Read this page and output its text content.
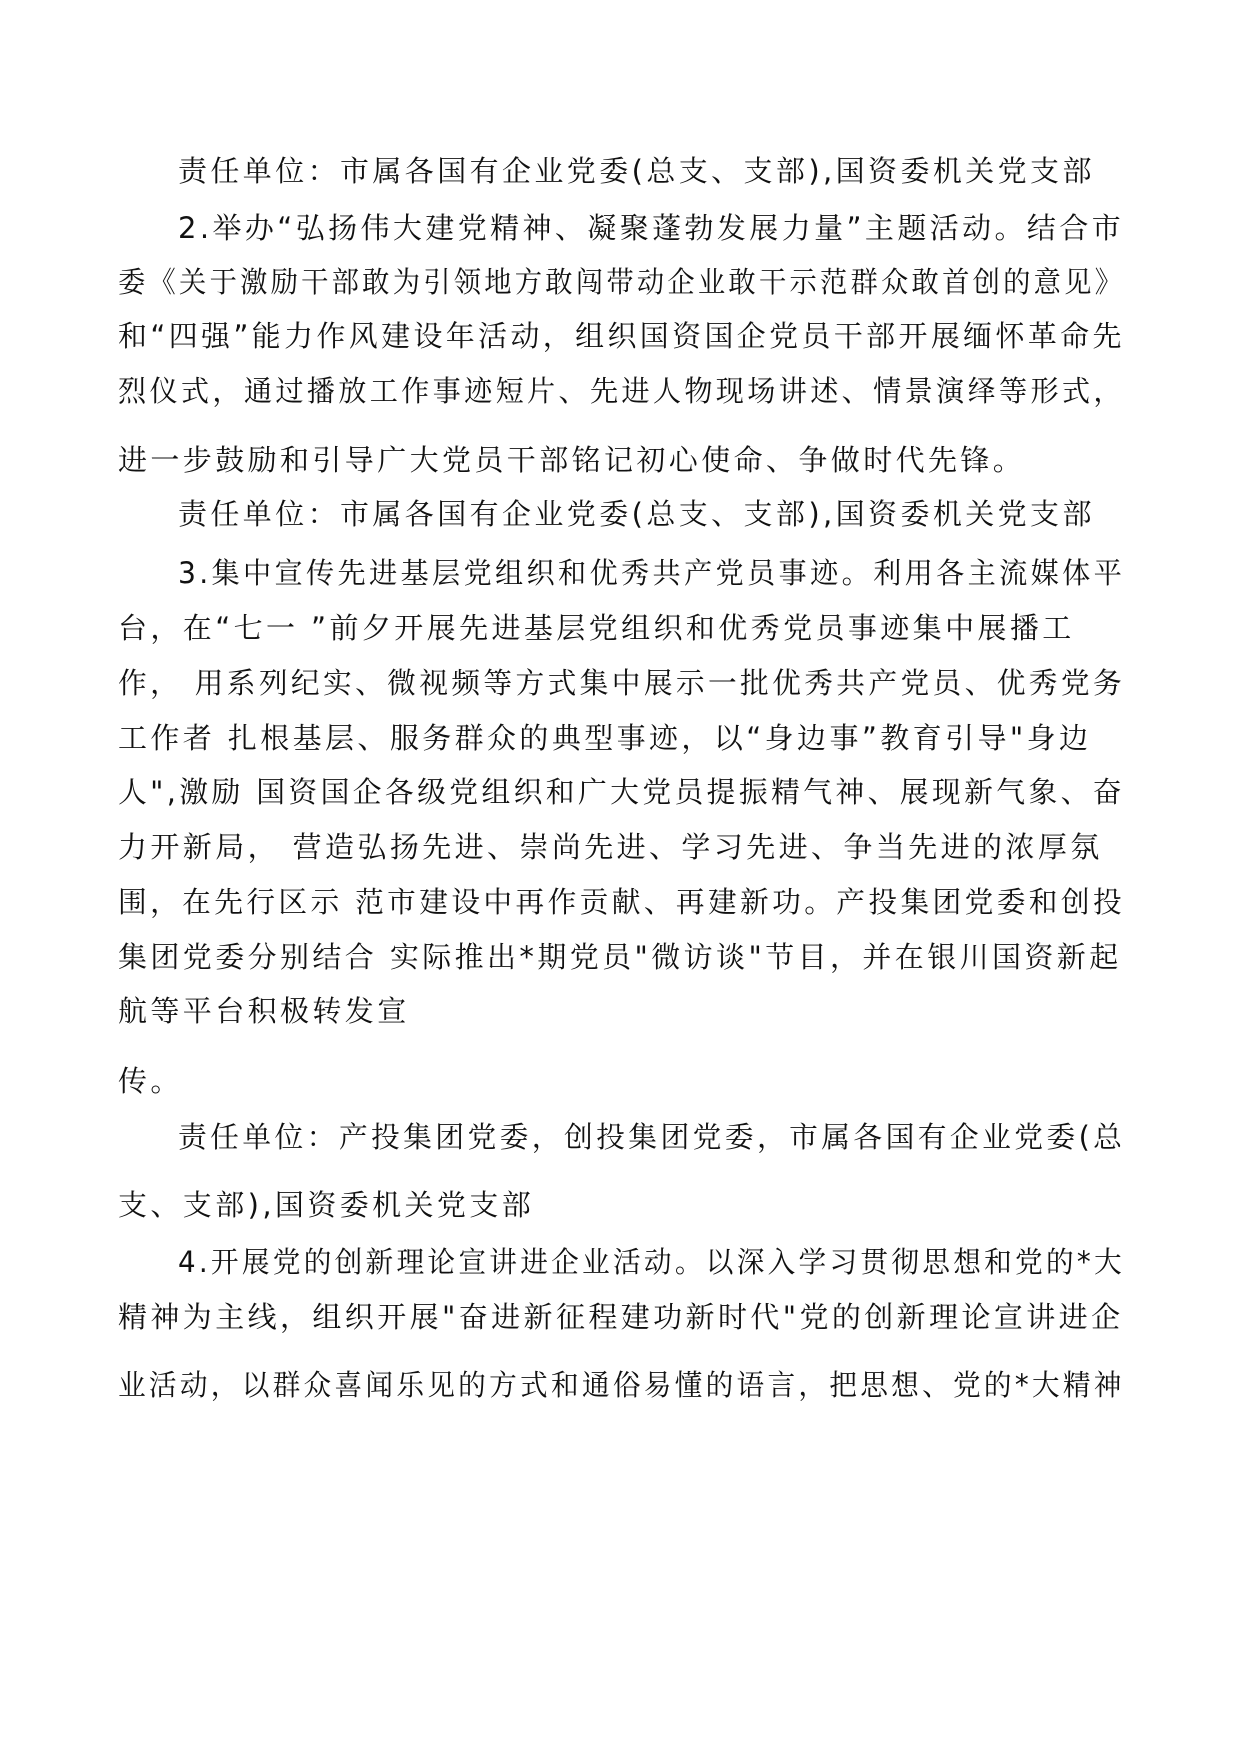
责任单位：市属各国有企业党委(总支、支部),国资委机关党支部
2.举办“弘扬伟大建党精神、凝聚蓬勃发展力量”主题活动。结合市
委《关于激励干部敢为引领地方敢闯带动企业敢干示范群众敢首创的意见》
和“四强”能力作风建设年活动，组织国资国企党员干部开展缅怀革命先
烈仪式，通过播放工作事迹短片、先进人物现场讲述、情景演绎等形式，
进一步鼓励和引导广大党员干部铭记初心使命、争做时代先锋。
责任单位：市属各国有企业党委(总支、支部),国资委机关党支部
3.集中宣传先进基层党组织和优秀共产党员事迹。利用各主流媒体平
台，在“七一 ”前夕开展先进基层党组织和优秀党员事迹集中展播工
作， 用系列纪实、微视频等方式集中展示一批优秀共产党员、优秀党务
工作者 扎根基层、服务群众的典型事迹，以“身边事”教育引导"身边
人",激励 国资国企各级党组织和广大党员提振精气神、展现新气象、奋
力开新局， 营造弘扬先进、崇尚先进、学习先进、争当先进的浓厚氛
围，在先行区示 范市建设中再作贡献、再建新功。产投集团党委和创投
集团党委分别结合 实际推出*期党员"微访谈"节目，并在银川国资新起
航等平台积极转发宣
传。
责任单位：产投集团党委，创投集团党委，市属各国有企业党委(总
支、支部),国资委机关党支部
4.开展党的创新理论宣讲进企业活动。以深入学习贯彻思想和党的*大
精神为主线，组织开展"奋进新征程建功新时代"党的创新理论宣讲进企
业活动，以群众喜闻乐见的方式和通俗易懂的语言，把思想、党的*大精神
